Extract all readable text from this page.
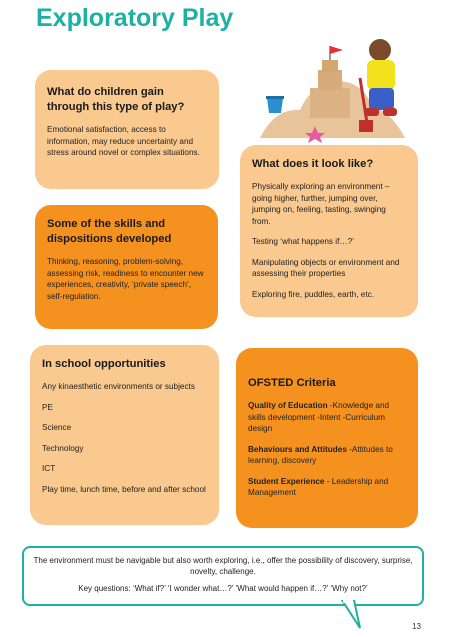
Exploratory Play
What do children gain through this type of play?

Emotional satisfaction, access to information, may reduce uncertainty and stress around novel or complex situations.

What does it look like?

Physically exploring an environment – going higher, further, jumping over, jumping on, feeling, tasting, swinging from.

Testing ‘what happens if…?’

Manipulating objects or environment and assessing their properties

Exploring fire, puddles, earth, etc.

Some of the skills and dispositions developed

Thinking, reasoning, problem-solving, assessing risk, readiness to encounter new experiences, creativity, ‘private speech’, self-regulation.

In school opportunities

Any kinaesthetic environments or subjects

PE

Science

Technology

ICT

Play time, lunch time, before and after school

OFSTED Criteria

Quality of Education -Knowledge and skills development -Intent -Curriculum design

Behaviours and Attitudes -Attitudes to learning, discovery

Student Experience - Leadership and Management

The environment must be navigable but also worth exploring, i.e., offer the possibility of discovery, surprise, novelty, challenge.

Key questions: ‘What if?’ ‘I wonder what…?’ ‘What would happen if…?’ ‘Why not?’

13
